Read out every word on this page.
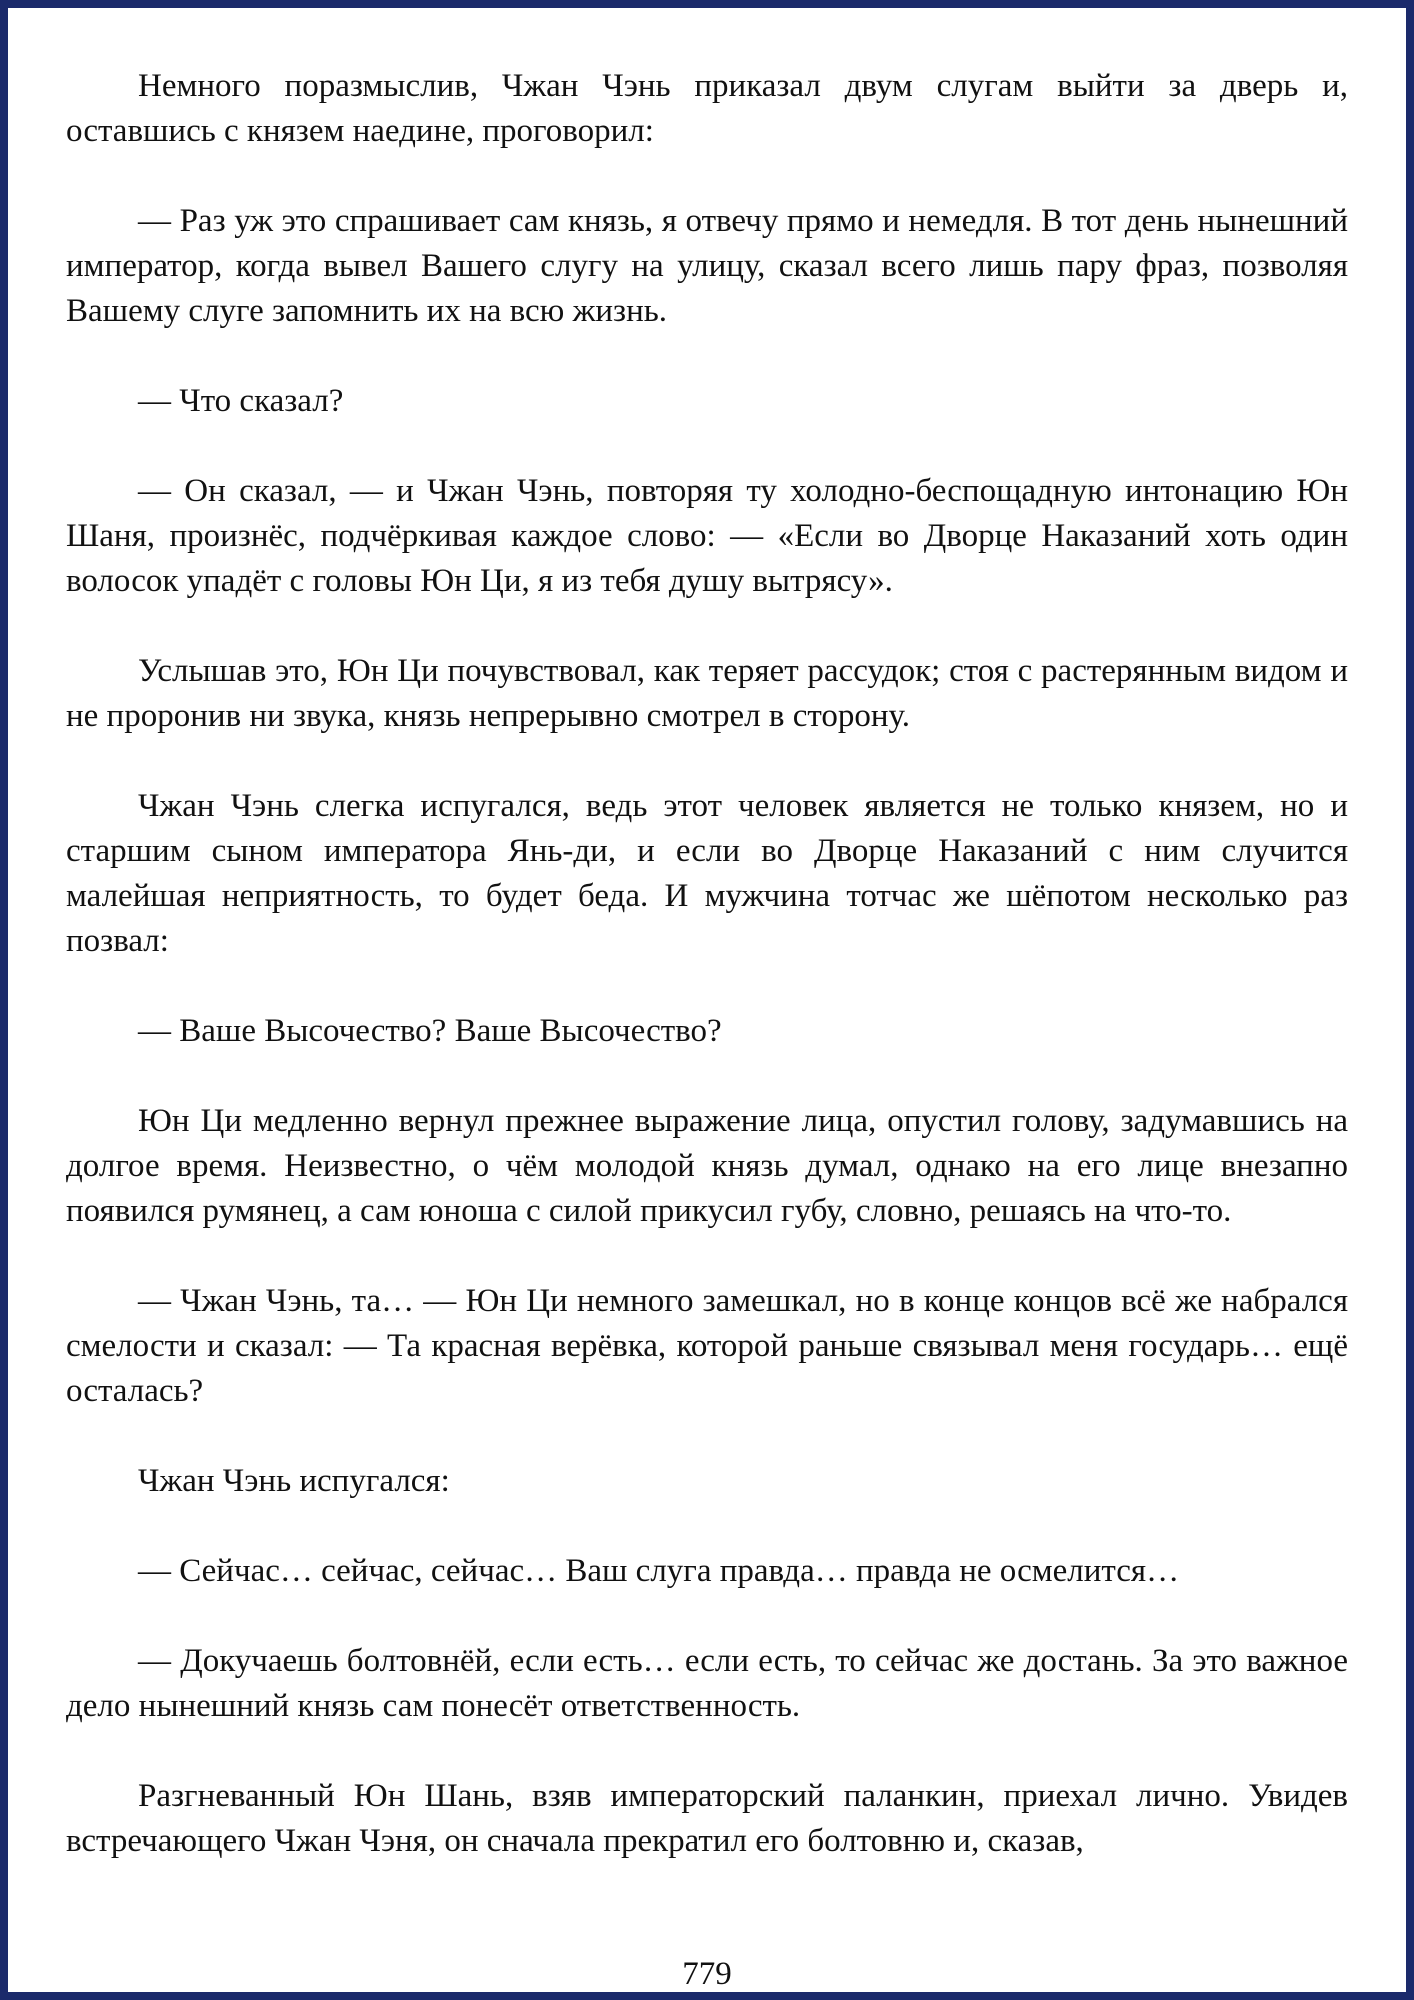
Немного поразмыслив, Чжан Чэнь приказал двум слугам выйти за дверь и, оставшись с князем наедине, проговорил:

— Раз уж это спрашивает сам князь, я отвечу прямо и немедля. В тот день нынешний император, когда вывел Вашего слугу на улицу, сказал всего лишь пару фраз, позволяя Вашему слуге запомнить их на всю жизнь.

— Что сказал?

— Он сказал, — и Чжан Чэнь, повторяя ту холодно-беспощадную интонацию Юн Шаня, произнёс, подчёркивая каждое слово: — «Если во Дворце Наказаний хоть один волосок упадёт с головы Юн Ци, я из тебя душу вытрясу».

Услышав это, Юн Ци почувствовал, как теряет рассудок; стоя с растерянным видом и не проронив ни звука, князь непрерывно смотрел в сторону.

Чжан Чэнь слегка испугался, ведь этот человек является не только князем, но и старшим сыном императора Янь-ди, и если во Дворце Наказаний с ним случится малейшая неприятность, то будет беда. И мужчина тотчас же шёпотом несколько раз позвал:

— Ваше Высочество? Ваше Высочество?

Юн Ци медленно вернул прежнее выражение лица, опустил голову, задумавшись на долгое время. Неизвестно, о чём молодой князь думал, однако на его лице внезапно появился румянец, а сам юноша с силой прикусил губу, словно, решаясь на что-то.

— Чжан Чэнь, та… — Юн Ци немного замешкал, но в конце концов всё же набрался смелости и сказал: — Та красная верёвка, которой раньше связывал меня государь… ещё осталась?

Чжан Чэнь испугался:

— Сейчас… сейчас, сейчас… Ваш слуга правда… правда не осмелится…

— Докучаешь болтовнёй, если есть… если есть, то сейчас же достань. За это важное дело нынешний князь сам понесёт ответственность.

Разгневанный Юн Шань, взяв императорский паланкин, приехал лично. Увидев встречающего Чжан Чэня, он сначала прекратил его болтовню и, сказав,

779
